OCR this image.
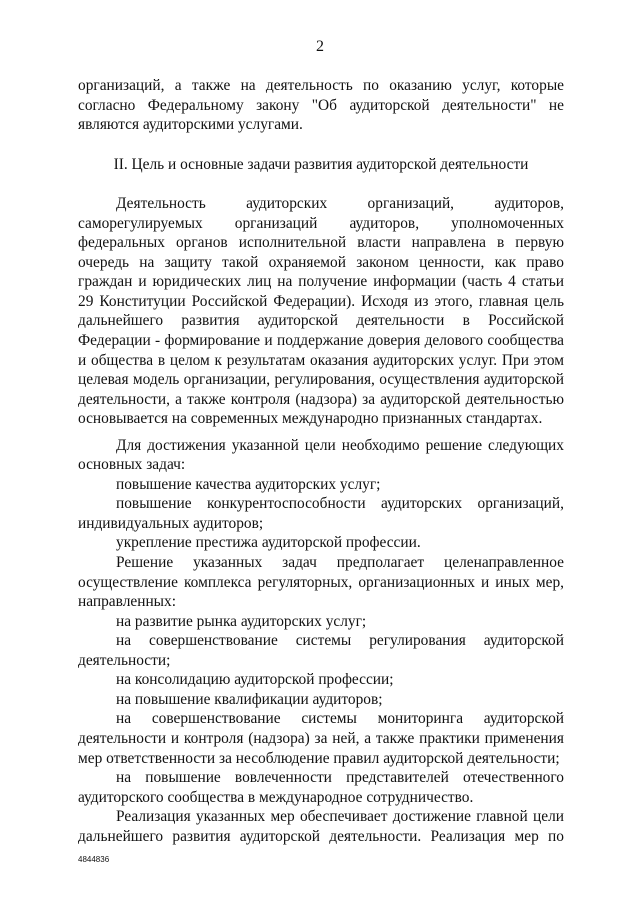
2

организаций, а также на деятельность по оказанию услуг, которые согласно Федеральному закону "Об аудиторской деятельности" не являются аудиторскими услугами.

II. Цель и основные задачи развития аудиторской деятельности

Деятельность аудиторских организаций, аудиторов, саморегулируемых организаций аудиторов, уполномоченных федеральных органов исполнительной власти направлена в первую очередь на защиту такой охраняемой законом ценности, как право граждан и юридических лиц на получение информации (часть 4 статьи 29 Конституции Российской Федерации). Исходя из этого, главная цель дальнейшего развития аудиторской деятельности в Российской Федерации - формирование и поддержание доверия делового сообщества и общества в целом к результатам оказания аудиторских услуг. При этом целевая модель организации, регулирования, осуществления аудиторской деятельности, а также контроля (надзора) за аудиторской деятельностью основывается на современных международно признанных стандартах.

Для достижения указанной цели необходимо решение следующих основных задач:

повышение качества аудиторских услуг;

повышение конкурентоспособности аудиторских организаций, индивидуальных аудиторов;

укрепление престижа аудиторской профессии.

Решение указанных задач предполагает целенаправленное осуществление комплекса регуляторных, организационных и иных мер, направленных:

на развитие рынка аудиторских услуг;

на совершенствование системы регулирования аудиторской деятельности;

на консолидацию аудиторской профессии;

на повышение квалификации аудиторов;

на совершенствование системы мониторинга аудиторской деятельности и контроля (надзора) за ней, а также практики применения мер ответственности за несоблюдение правил аудиторской деятельности;

на повышение вовлеченности представителей отечественного аудиторского сообщества в международное сотрудничество.

Реализация указанных мер обеспечивает достижение главной цели дальнейшего развития аудиторской деятельности. Реализация мер по

4844836
